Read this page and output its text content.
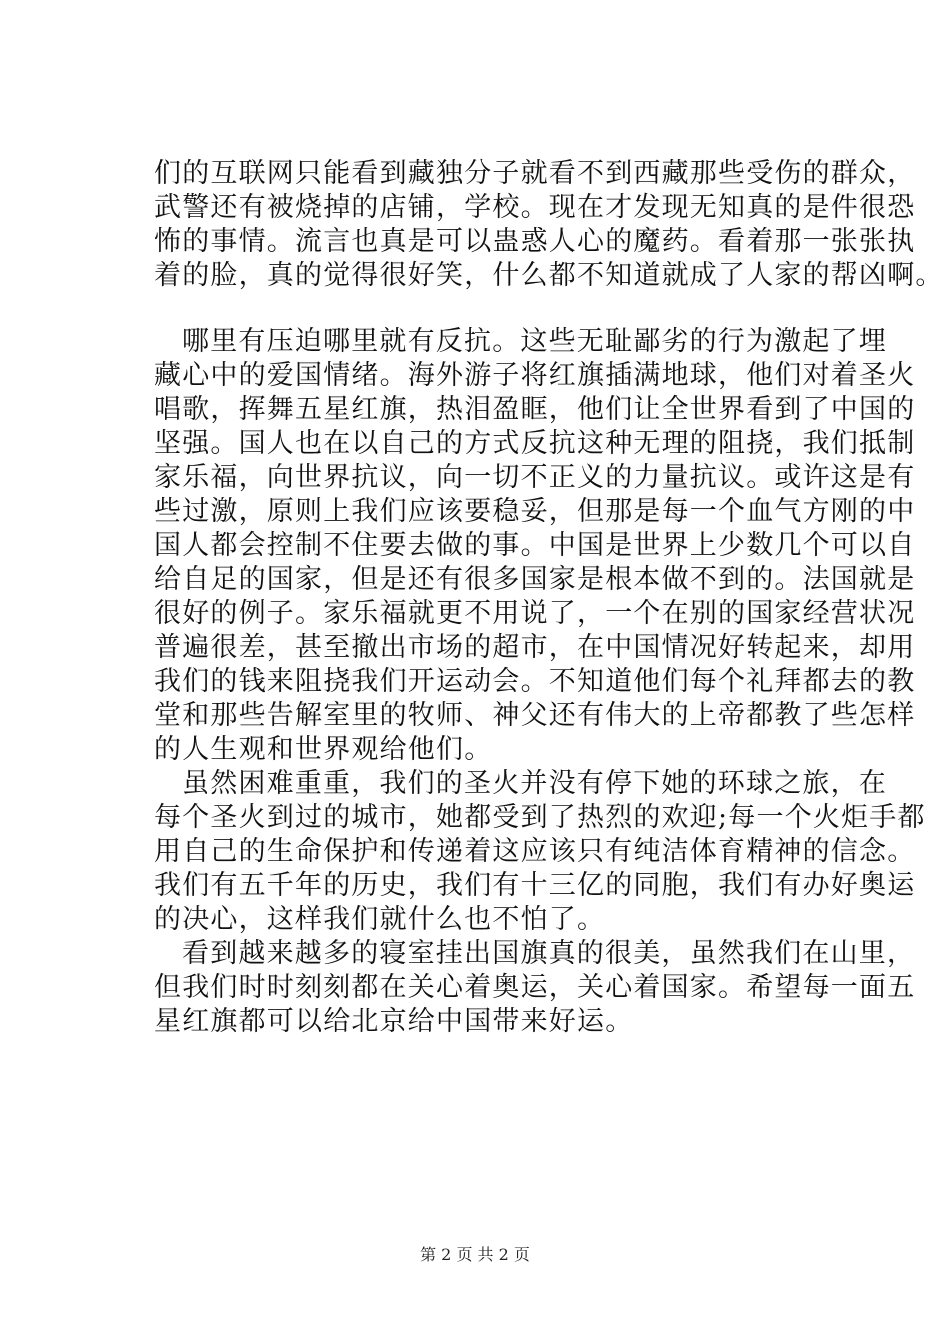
们的互联网只能看到藏独分子就看不到西藏那些受伤的群众，
武警还有被烧掉的店铺，学校。现在才发现无知真的是件很恐
怖的事情。流言也真是可以蛊惑人心的魔药。看着那一张张执
着的脸，真的觉得很好笑，什么都不知道就成了人家的帮凶啊。
哪里有压迫哪里就有反抗。这些无耻鄙劣的行为激起了埋
藏心中的爱国情绪。海外游子将红旗插满地球，他们对着圣火
唱歌，挥舞五星红旗，热泪盈眶，他们让全世界看到了中国的
坚强。国人也在以自己的方式反抗这种无理的阻挠，我们抵制
家乐福，向世界抗议，向一切不正义的力量抗议。或许这是有
些过激，原则上我们应该要稳妥，但那是每一个血气方刚的中
国人都会控制不住要去做的事。中国是世界上少数几个可以自
给自足的国家，但是还有很多国家是根本做不到的。法国就是
很好的例子。家乐福就更不用说了，一个在别的国家经营状况
普遍很差，甚至撤出市场的超市，在中国情况好转起来，却用
我们的钱来阻挠我们开运动会。不知道他们每个礼拜都去的教
堂和那些告解室里的牧师、神父还有伟大的上帝都教了些怎样
的人生观和世界观给他们。
虽然困难重重，我们的圣火并没有停下她的环球之旅，在
每个圣火到过的城市，她都受到了热烈的欢迎;每一个火炬手都
用自己的生命保护和传递着这应该只有纯洁体育精神的信念。
我们有五千年的历史，我们有十三亿的同胞，我们有办好奥运
的决心，这样我们就什么也不怕了。
看到越来越多的寝室挂出国旗真的很美，虽然我们在山里，
但我们时时刻刻都在关心着奥运，关心着国家。希望每一面五
星红旗都可以给北京给中国带来好运。
第 2 页 共 2 页
